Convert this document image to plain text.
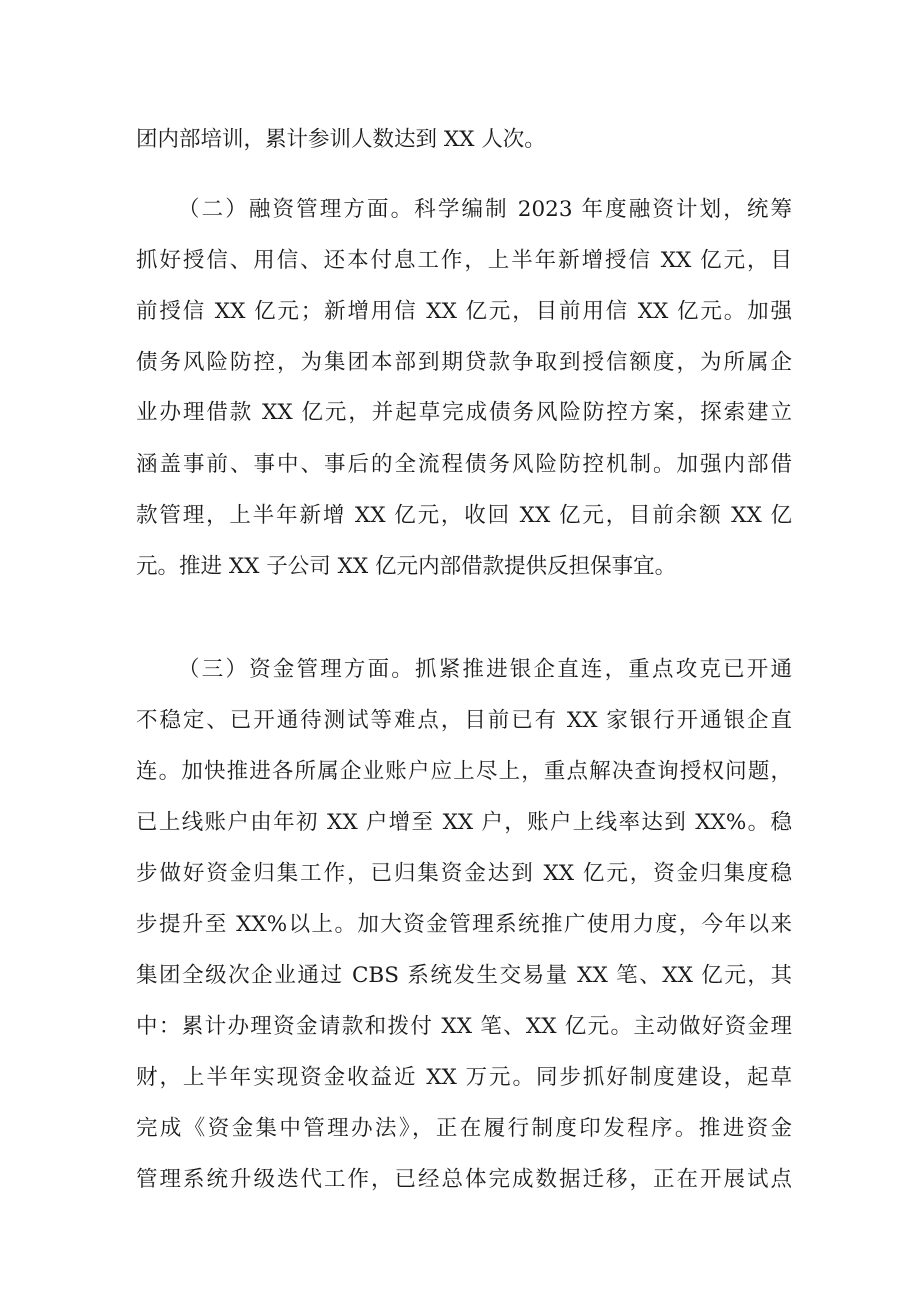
团内部培训，累计参训人数达到 XX 人次。
（二）融资管理方面。科学编制 2023 年度融资计划，统筹
抓好授信、用信、还本付息工作，上半年新增授信 XX 亿元，目
前授信 XX 亿元；新增用信 XX 亿元，目前用信 XX 亿元。加强
债务风险防控，为集团本部到期贷款争取到授信额度，为所属企
业办理借款 XX 亿元，并起草完成债务风险防控方案，探索建立
涵盖事前、事中、事后的全流程债务风险防控机制。加强内部借
款管理，上半年新增 XX 亿元，收回 XX 亿元，目前余额 XX 亿
元。推进 XX 子公司 XX 亿元内部借款提供反担保事宜。
（三）资金管理方面。抓紧推进银企直连，重点攻克已开通
不稳定、已开通待测试等难点，目前已有 XX 家银行开通银企直
连。加快推进各所属企业账户应上尽上，重点解决查询授权问题，
已上线账户由年初 XX 户增至 XX 户，账户上线率达到 XX%。稳
步做好资金归集工作，已归集资金达到 XX 亿元，资金归集度稳
步提升至 XX%以上。加大资金管理系统推广使用力度，今年以来
集团全级次企业通过 CBS 系统发生交易量 XX 笔、XX 亿元，其
中：累计办理资金请款和拨付 XX 笔、XX 亿元。主动做好资金理
财，上半年实现资金收益近 XX 万元。同步抓好制度建设，起草
完成《资金集中管理办法》，正在履行制度印发程序。推进资金
管理系统升级迭代工作，已经总体完成数据迁移，正在开展试点
